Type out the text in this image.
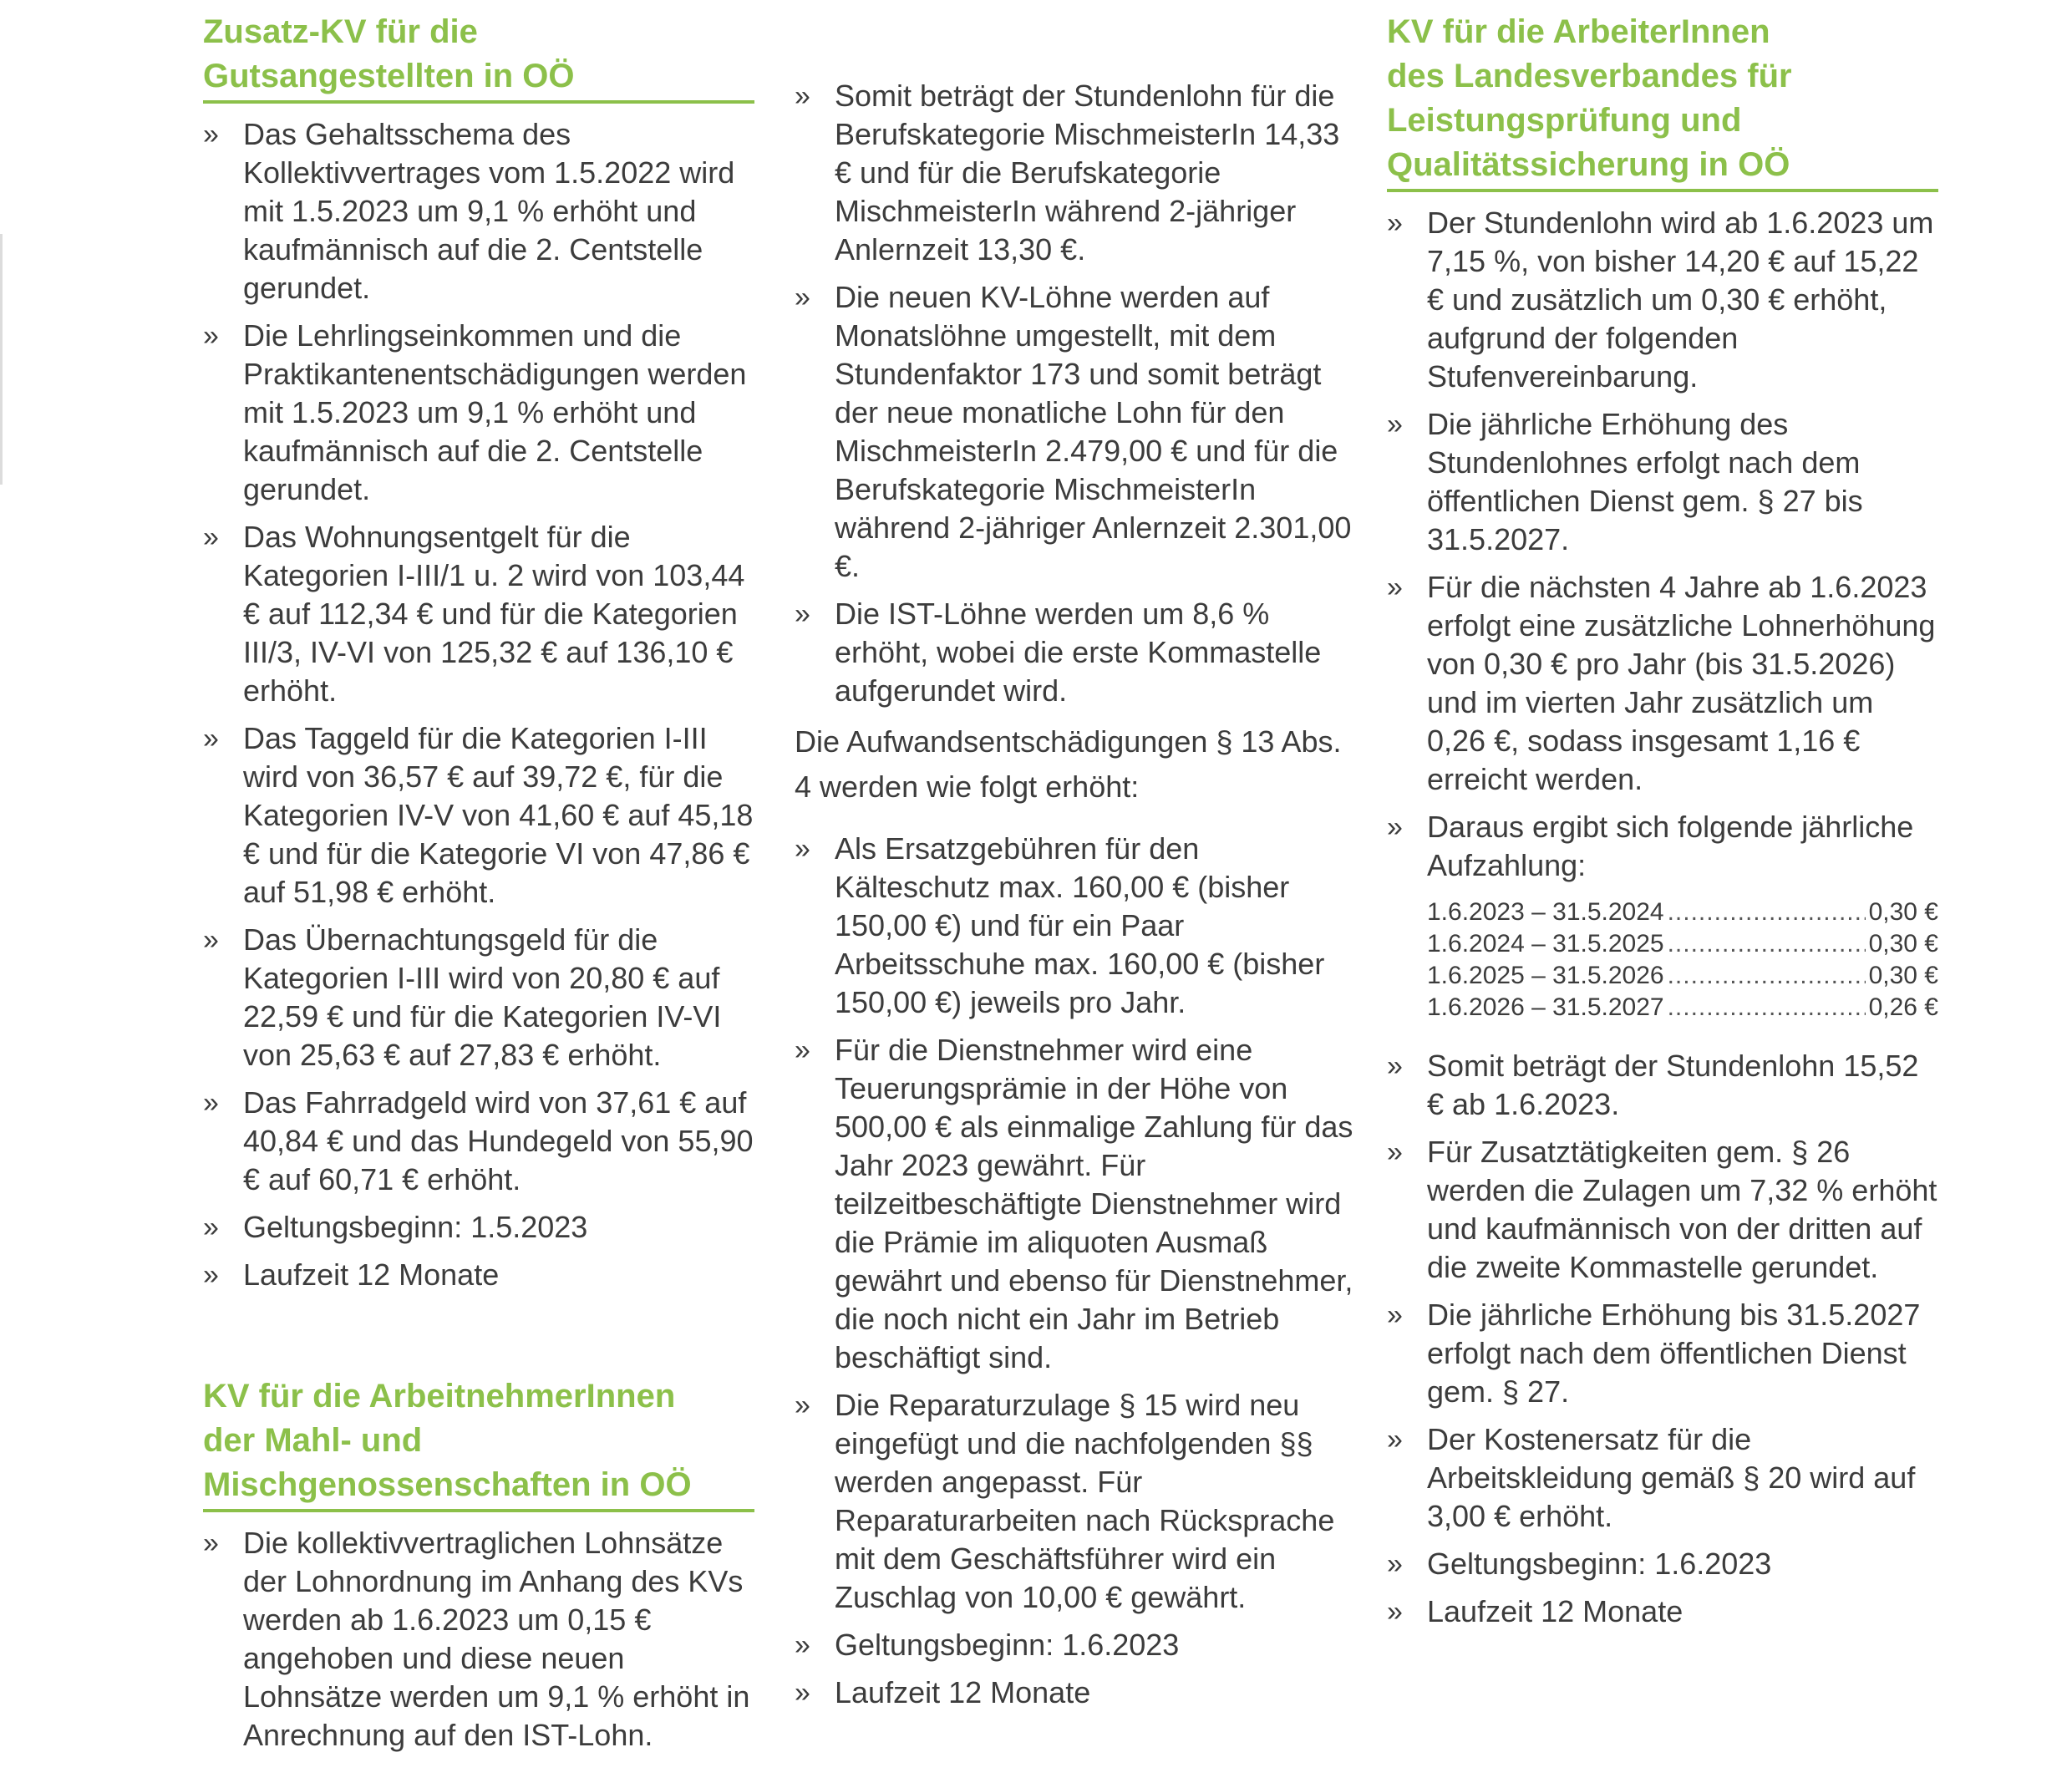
Zusatz-KV für die
Gutsangestellten in OÖ
» Das Gehaltsschema des Kollektivvertrages vom 1.5.2022 wird mit 1.5.2023 um 9,1 % erhöht und kaufmännisch auf die 2. Centstelle gerundet.
» Die Lehrlingseinkommen und die Praktikantenentschädigungen werden mit 1.5.2023 um 9,1 % erhöht und kaufmännisch auf die 2. Centstelle gerundet.
» Das Wohnungsentgelt für die Kategorien I-III/1 u. 2 wird von 103,44 € auf 112,34 € und für die Kategorien III/3, IV-VI von 125,32 € auf 136,10 € erhöht.
» Das Taggeld für die Kategorien I-III wird von 36,57 € auf 39,72 €, für die Kategorien IV-V von 41,60 € auf 45,18 € und für die Kategorie VI von 47,86 € auf 51,98 € erhöht.
» Das Übernachtungsgeld für die Kategorien I-III wird von 20,80 € auf 22,59 € und für die Kategorien IV-VI von 25,63 € auf 27,83 € erhöht.
» Das Fahrradgeld wird von 37,61 € auf 40,84 € und das Hundegeld von 55,90 € auf 60,71 € erhöht.
» Geltungsbeginn: 1.5.2023
» Laufzeit 12 Monate
KV für die ArbeitnehmerInnen
der Mahl- und
Mischgenossenschaften in OÖ
» Die kollektivvertraglichen Lohnsätze der Lohnordnung im Anhang des KVs werden ab 1.6.2023 um 0,15 € angehoben und diese neuen Lohnsätze werden um 9,1 % erhöht in Anrechnung auf den IST-Lohn.
» Somit beträgt der Stundenlohn für die Berufskategorie MischmeisterIn 14,33 € und für die Berufskategorie MischmeisterIn während 2-jähriger Anlernzeit 13,30 €.
» Die neuen KV-Löhne werden auf Monatslöhne umgestellt, mit dem Stundenfaktor 173 und somit beträgt der neue monatliche Lohn für den MischmeisterIn 2.479,00 € und für die Berufskategorie MischmeisterIn während 2-jähriger Anlernzeit 2.301,00 €.
» Die IST-Löhne werden um 8,6 % erhöht, wobei die erste Kommastelle aufgerundet wird.

Die Aufwandsentschädigungen § 13 Abs. 4 werden wie folgt erhöht:

» Als Ersatzgebühren für den Kälteschutz max. 160,00 € (bisher 150,00 €) und für ein Paar Arbeitsschuhe max. 160,00 € (bisher 150,00 €) jeweils pro Jahr.
» Für die Dienstnehmer wird eine Teuerungsprämie in der Höhe von 500,00 € als einmalige Zahlung für das Jahr 2023 gewährt. Für teilzeitbeschäftigte Dienstnehmer wird die Prämie im aliquoten Ausmaß gewährt und ebenso für Dienstnehmer, die noch nicht ein Jahr im Betrieb beschäftigt sind.
» Die Reparaturzulage § 15 wird neu eingefügt und die nachfolgenden §§ werden angepasst. Für Reparaturarbeiten nach Rücksprache mit dem Geschäftsführer wird ein Zuschlag von 10,00 € gewährt.
» Geltungsbeginn: 1.6.2023
» Laufzeit 12 Monate
KV für die ArbeiterInnen
des Landesverbandes für
Leistungsprüfung und
Qualitätssicherung in OÖ
» Der Stundenlohn wird ab 1.6.2023 um 7,15 %, von bisher 14,20 € auf 15,22 € und zusätzlich um 0,30 € erhöht, aufgrund der folgenden Stufenvereinbarung.
» Die jährliche Erhöhung des Stundenlohnes erfolgt nach dem öffentlichen Dienst gem. § 27 bis 31.5.2027.
» Für die nächsten 4 Jahre ab 1.6.2023 erfolgt eine zusätzliche Lohnerhöhung von 0,30 € pro Jahr (bis 31.5.2026) und im vierten Jahr zusätzlich um 0,26 €, sodass insgesamt 1,16 € erreicht werden.
» Daraus ergibt sich folgende jährliche Aufzahlung:
1.6.2023 – 31.5.2024 .....	0,30 €
1.6.2024 – 31.5.2025 .....	0,30 €
1.6.2025 – 31.5.2026 .....	0,30 €
1.6.2026 – 31.5.2027 .....	0,26 €
» Somit beträgt der Stundenlohn 15,52 € ab 1.6.2023.
» Für Zusatztätigkeiten gem. § 26 werden die Zulagen um 7,32 % erhöht und kaufmännisch von der dritten auf die zweite Kommastelle gerundet.
» Die jährliche Erhöhung bis 31.5.2027 erfolgt nach dem öffentlichen Dienst gem. § 27.
» Der Kostenersatz für die Arbeitskleidung gemäß § 20 wird auf 3,00 € erhöht.
» Geltungsbeginn: 1.6.2023
» Laufzeit 12 Monate
